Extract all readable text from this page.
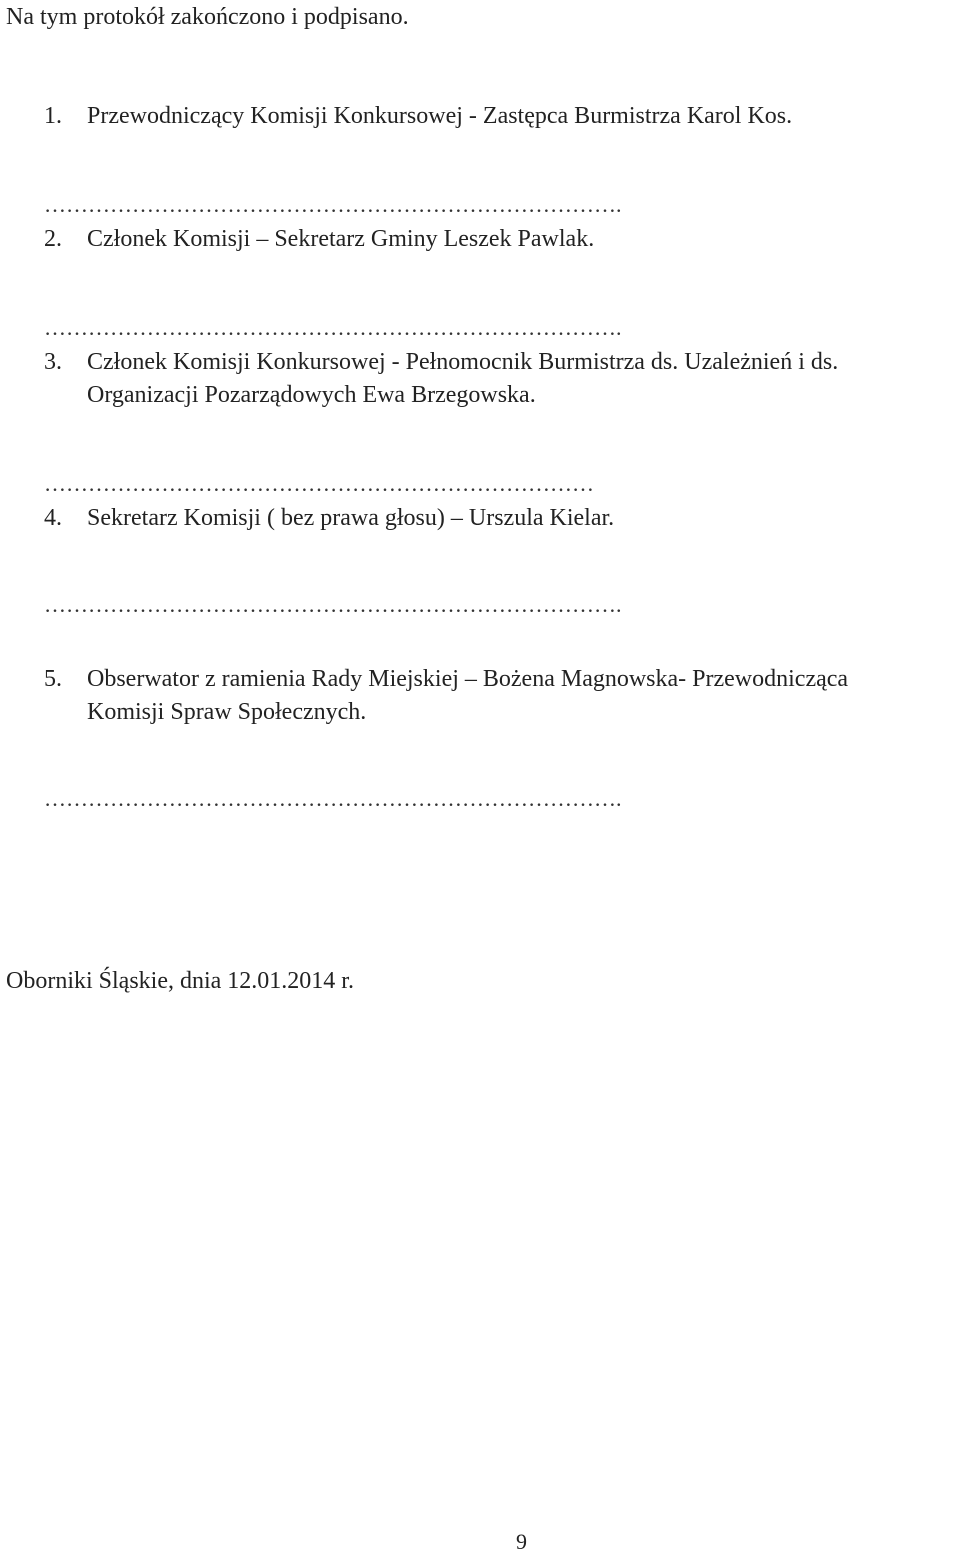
Na tym protokół zakończono i podpisano.
1. Przewodniczący Komisji Konkursowej - Zastępca Burmistrza Karol Kos.
…………………………………………………………………….
2. Członek Komisji – Sekretarz Gminy Leszek Pawlak.
…………………………………………………………………….
3. Członek Komisji Konkursowej - Pełnomocnik Burmistrza ds. Uzależnień i ds.
Organizacji Pozarządowych Ewa Brzegowska.
…………………………………………………………………
4. Sekretarz Komisji ( bez prawa głosu) – Urszula Kielar.
…………………………………………………………………….
5. Obserwator z ramienia Rady Miejskiej – Bożena Magnowska- Przewodnicząca
Komisji Spraw Społecznych.
…………………………………………………………………….
Oborniki Śląskie, dnia 12.01.2014 r.
9
